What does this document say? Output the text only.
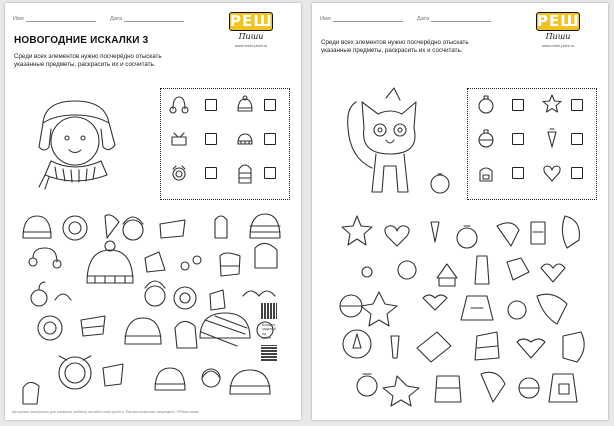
Имя	Дата	РЕШИ
Пиши
www.reshi-pishi.ru
НОВОГОДНИЕ ИСКАЛКИ 3
Среди всех элементов нужно посчерёдно отыскать
указанные предметы, раскрасить их и сосчитать.
Больше заданий на сайте
Авторские материалы для развития ребёнка на сайте reshi-pishi.ru. Распространение запрещено. ©Реши-пиши
Имя	Дата	РЕШИ
Пиши
www.reshi-pishi.ru
Среди всех элементов нужно посчерёдно отыскать
указанные предметы, раскрасить их и сосчитать.
